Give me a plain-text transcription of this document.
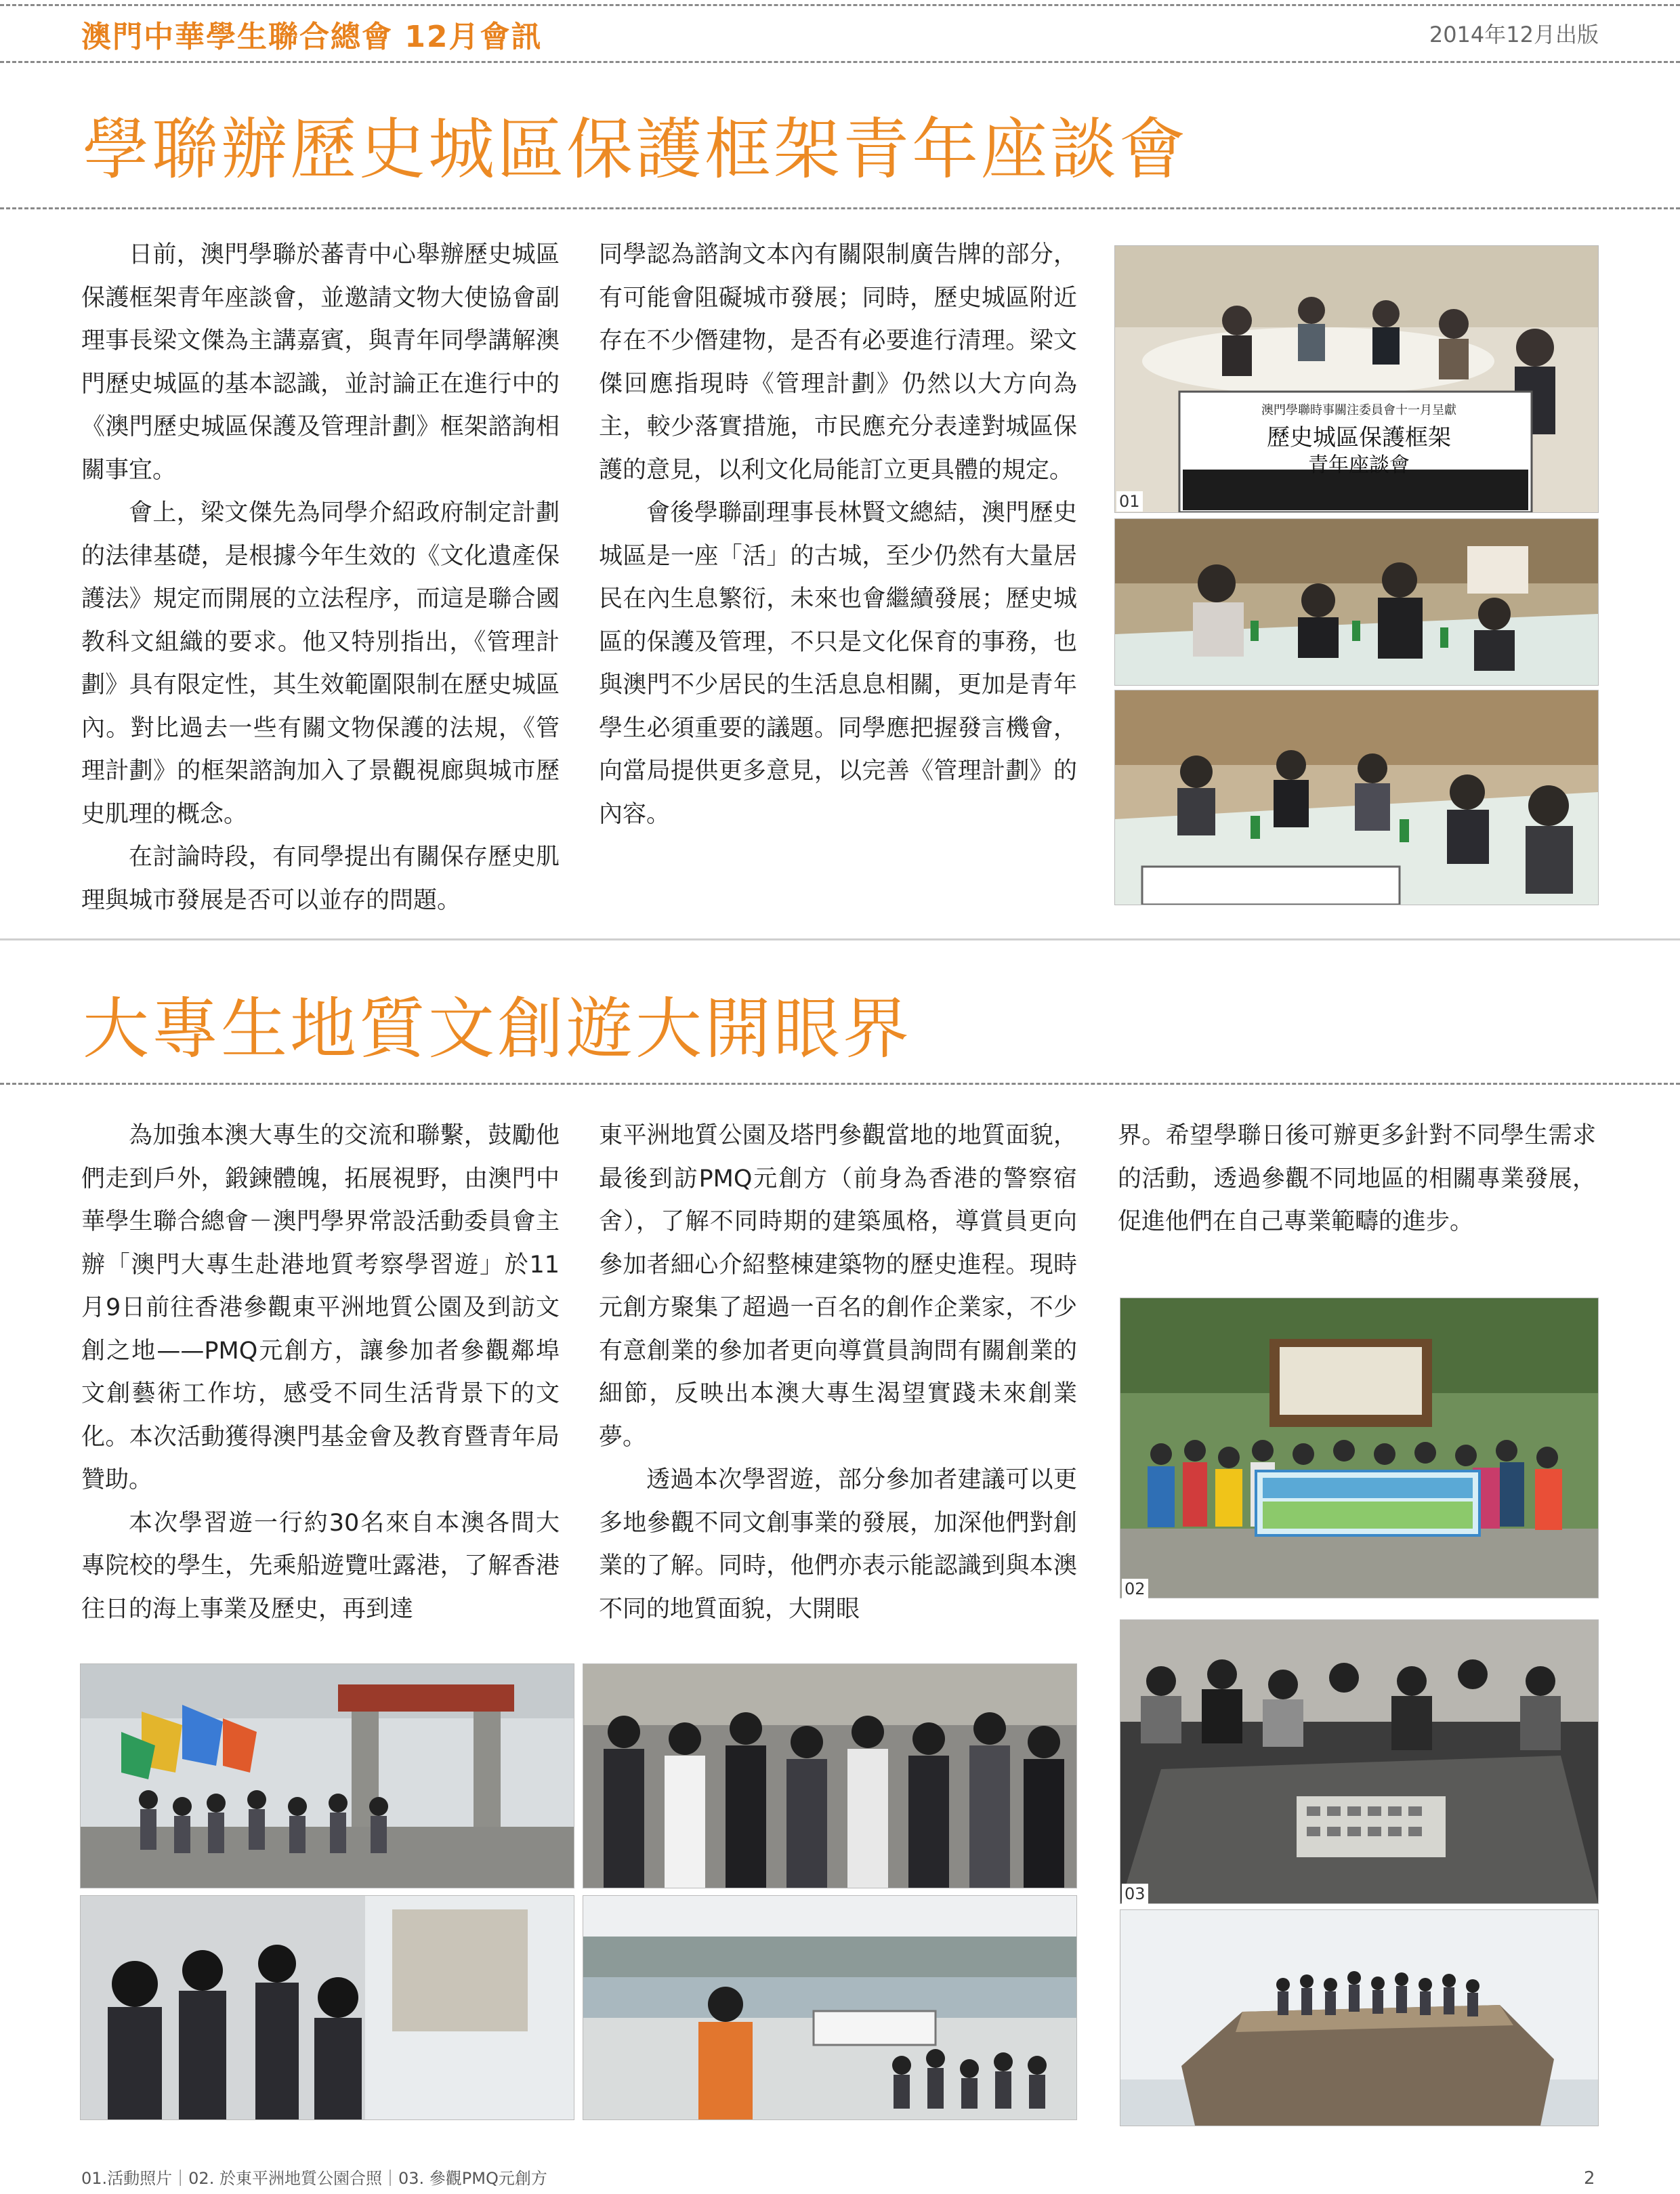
澳門中華學生聯合總會 12月會訊	2014年12月出版
學聯辦歷史城區保護框架青年座談會

日前，澳門學聯於蕃青中心舉辦歷史城區保護框架青年座談會，並邀請文物大使協會副理事長梁文傑為主講嘉賓，與青年同學講解澳門歷史城區的基本認識，並討論正在進行中的《澳門歷史城區保護及管理計劃》框架諮詢相關事宜。

會上，梁文傑先為同學介紹政府制定計劃的法律基礎，是根據今年生效的《文化遺產保護法》規定而開展的立法程序，而這是聯合國教科文組織的要求。他又特別指出，《管理計劃》具有限定性，其生效範圍限制在歷史城區內。對比過去一些有關文物保護的法規，《管理計劃》的框架諮詢加入了景觀視廊與城市歷史肌理的概念。

在討論時段，有同學提出有關保存歷史肌理與城市發展是否可以並存的問題。

同學認為諮詢文本內有關限制廣告牌的部分，有可能會阻礙城市發展；同時，歷史城區附近存在不少僭建物，是否有必要進行清理。梁文傑回應指現時《管理計劃》仍然以大方向為主，較少落實措施，市民應充分表達對城區保護的意見，以利文化局能訂立更具體的規定。

會後學聯副理事長林賢文總結，澳門歷史城區是一座「活」的古城，至少仍然有大量居民在內生息繁衍，未來也會繼續發展；歷史城區的保護及管理，不只是文化保育的事務，也與澳門不少居民的生活息息相關，更加是青年學生必須重要的議題。同學應把握發言機會，向當局提供更多意見，以完善《管理計劃》的內容。

澳門學聯時事關注委員會十一月呈獻
歷史城區保護框架
青年座談會
01
大專生地質文創遊大開眼界

為加強本澳大專生的交流和聯繫，鼓勵他們走到戶外，鍛鍊體魄，拓展視野，由澳門中華學生聯合總會－澳門學界常設活動委員會主辦「澳門大專生赴港地質考察學習遊」於11月9日前往香港參觀東平洲地質公園及到訪文創之地——PMQ元創方，讓參加者參觀鄰埠文創藝術工作坊，感受不同生活背景下的文化。本次活動獲得澳門基金會及教育暨青年局贊助。

本次學習遊一行約30名來自本澳各間大專院校的學生，先乘船遊覽吐露港，了解香港往日的海上事業及歷史，再到達

東平洲地質公園及塔門參觀當地的地質面貌，最後到訪PMQ元創方（前身為香港的警察宿舍），了解不同時期的建築風格，導賞員更向參加者細心介紹整棟建築物的歷史進程。現時元創方聚集了超過一百名的創作企業家，不少有意創業的參加者更向導賞員詢問有關創業的細節，反映出本澳大專生渴望實踐未來創業夢。

透過本次學習遊，部分參加者建議可以更多地參觀不同文創事業的發展，加深他們對創業的了解。同時，他們亦表示能認識到與本澳不同的地質面貌，大開眼

界。希望學聯日後可辦更多針對不同學生需求的活動，透過參觀不同地區的相關專業發展，促進他們在自己專業範疇的進步。

02
03
01.活動照片｜02. 於東平洲地質公園合照｜03. 參觀PMQ元創方	2
